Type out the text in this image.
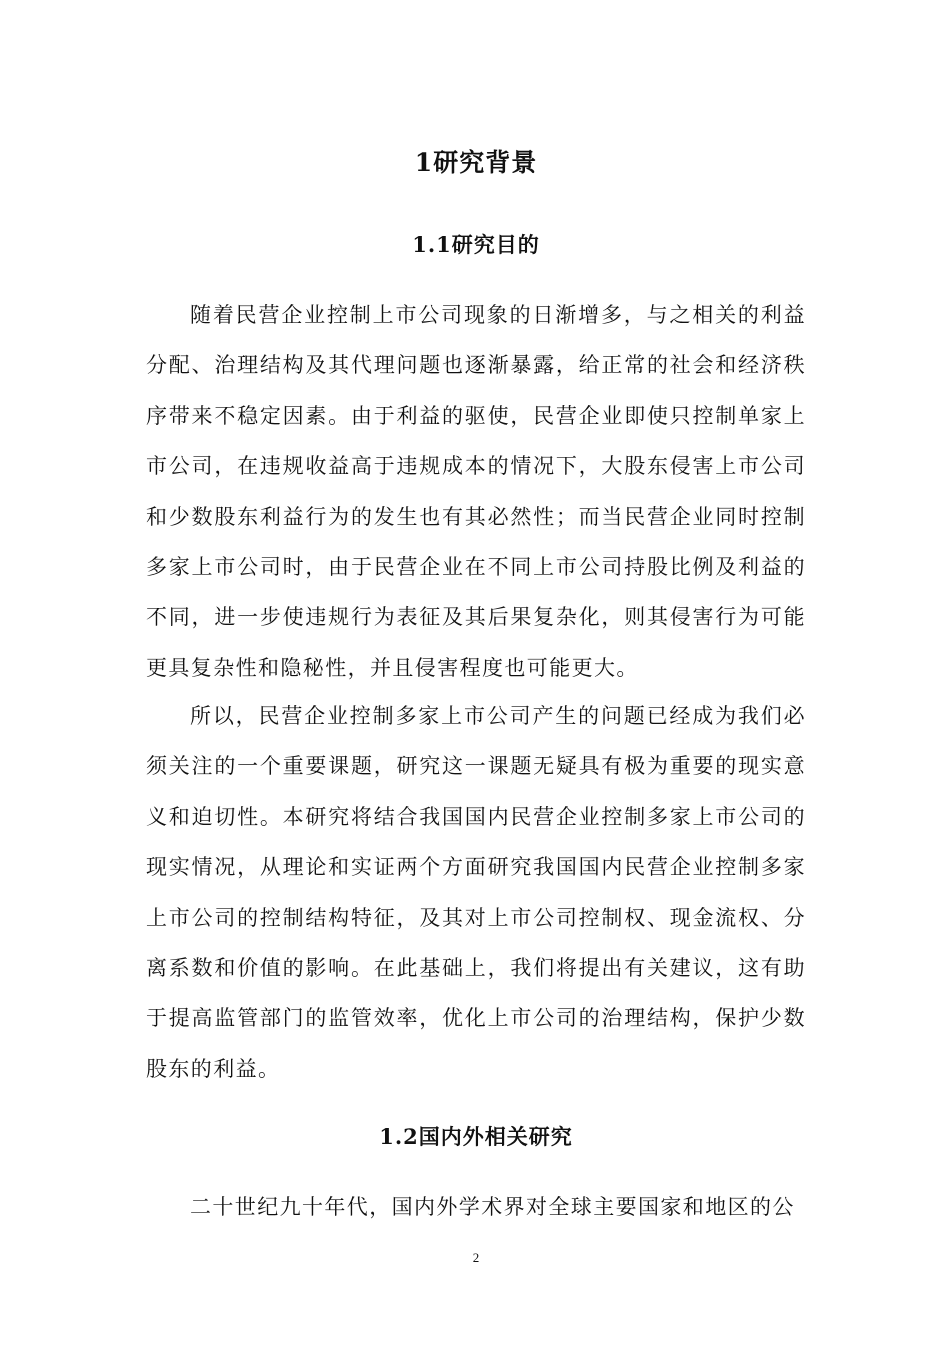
1研究背景
1.1研究目的

随着民营企业控制上市公司现象的日渐增多，与之相关的利益分配、治理结构及其代理问题也逐渐暴露，给正常的社会和经济秩序带来不稳定因素。由于利益的驱使，民营企业即使只控制单家上市公司，在违规收益高于违规成本的情况下，大股东侵害上市公司和少数股东利益行为的发生也有其必然性；而当民营企业同时控制多家上市公司时，由于民营企业在不同上市公司持股比例及利益的不同，进一步使违规行为表征及其后果复杂化，则其侵害行为可能更具复杂性和隐秘性，并且侵害程度也可能更大。

所以，民营企业控制多家上市公司产生的问题已经成为我们必须关注的一个重要课题，研究这一课题无疑具有极为重要的现实意义和迫切性。本研究将结合我国国内民营企业控制多家上市公司的现实情况，从理论和实证两个方面研究我国国内民营企业控制多家上市公司的控制结构特征，及其对上市公司控制权、现金流权、分离系数和价值的影响。在此基础上，我们将提出有关建议，这有助于提高监管部门的监管效率，优化上市公司的治理结构，保护少数股东的利益。

1.2国内外相关研究

二十世纪九十年代，国内外学术界对全球主要国家和地区的公

2
